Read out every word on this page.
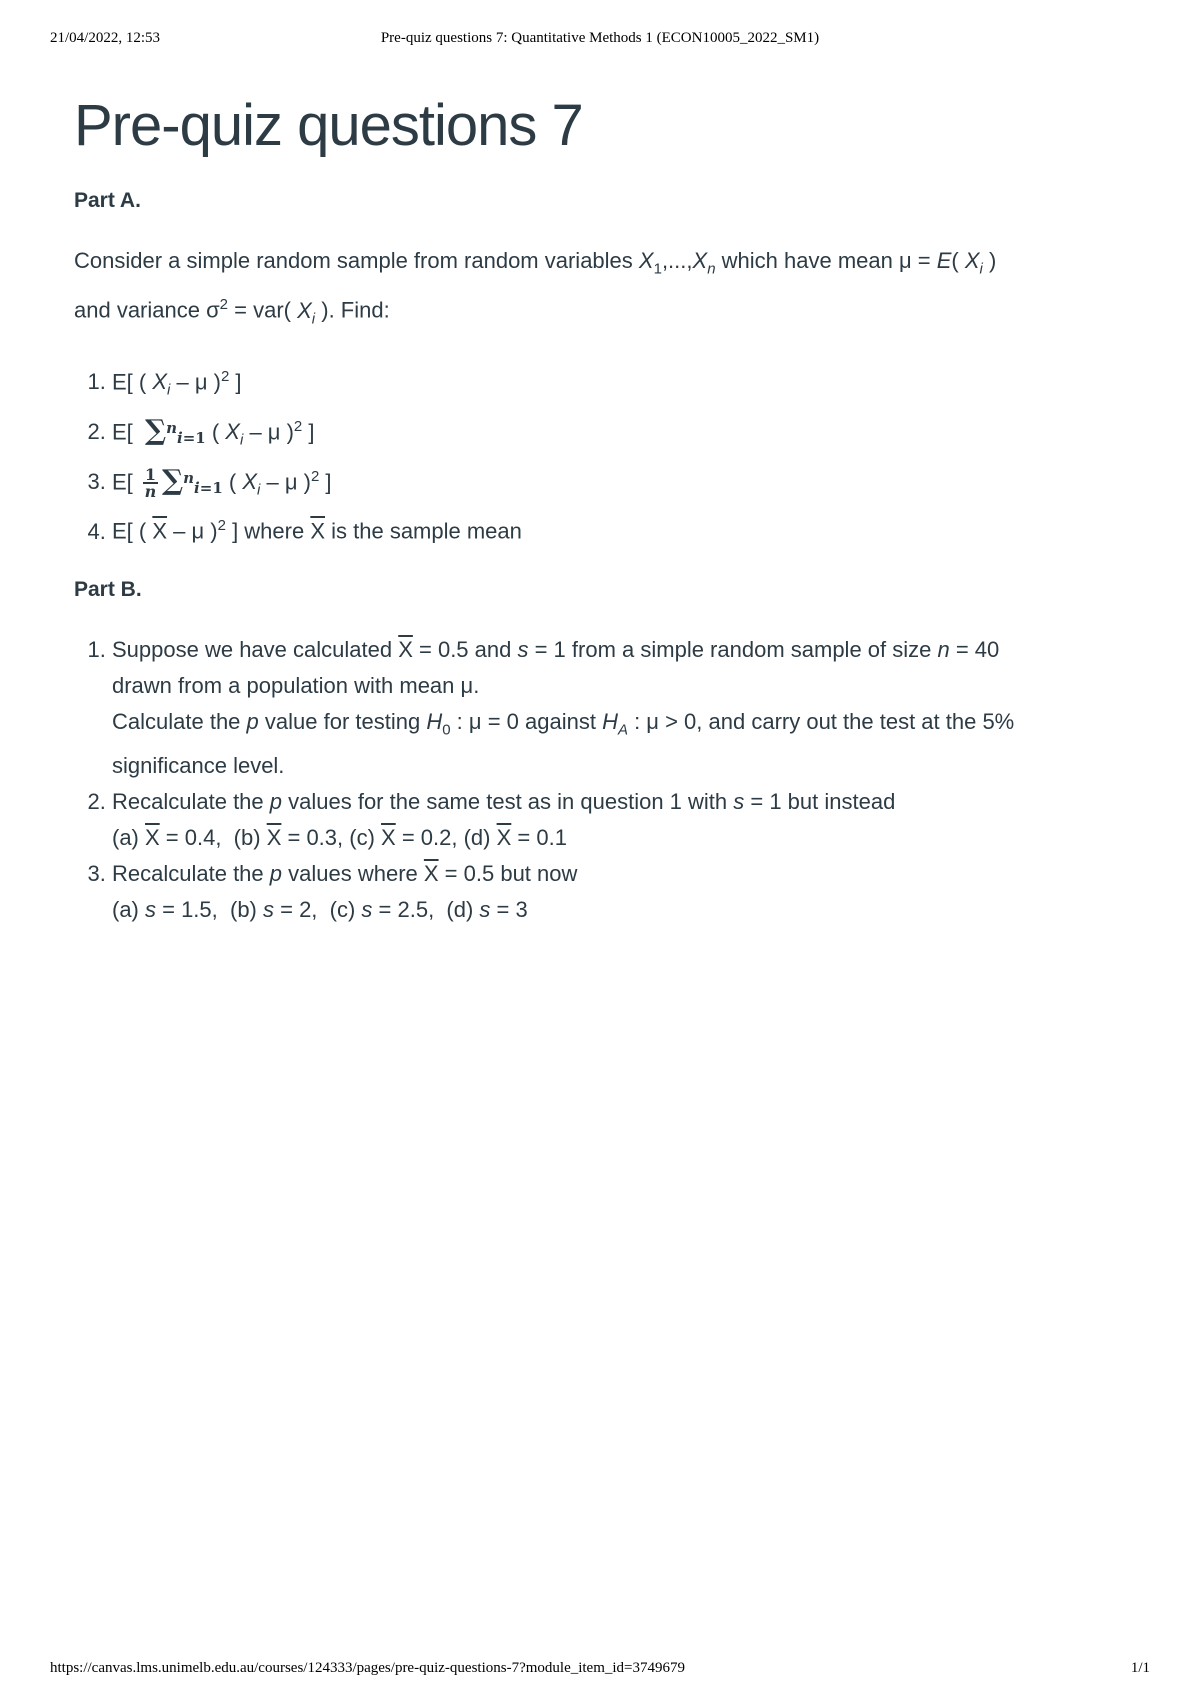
21/04/2022, 12:53	Pre-quiz questions 7: Quantitative Methods 1 (ECON10005_2022_SM1)
Pre-quiz questions 7
Part A.

Consider a simple random sample from random variables $X_1,...,X_n$ which have mean μ = E( $X_i$ )
and variance $\sigma^2 = var$( $X_i$ ). Find:

1. E[ ( $X_i$ – μ )$^2$ ]
2. E[  ∑$^n_{i=1}$ ( $X_i$ – μ )$^2$ ]
3. $E[ \frac{1}{n} \sum^n_{i=1}$ ( $X_i$ – μ )$^2$ ]
4. E[ ( $\overline{X}$ – μ )$^2$ ] where $\overline{X}$ is the sample mean
Part B.
1. Suppose we have calculated $\overline{X} = 0.5$ and s = 1 from a simple random sample of size n = 40
drawn from a population with mean μ.
Calculate the p value for testing $H_0$ : μ = 0 against $H_A$ : μ > 0, and carry out the test at the 5%
significance level.
2. Recalculate the p values for the same test as in question 1 with s = 1 but instead
(a) $\overline{X} = 0.4$,  (b) $\overline{X} = 0.3$, (c) $\overline{X} = 0.2$, (d) $\overline{X} = 0.1$
3. Recalculate the p values where $\overline{X} = 0.5$ but now
(a) s = 1.5,  (b) s = 2,  (c) s = 2.5,  (d) s = 3
https://canvas.lms.unimelb.edu.au/courses/124333/pages/pre-quiz-questions-7?module_item_id=3749679	1/1
